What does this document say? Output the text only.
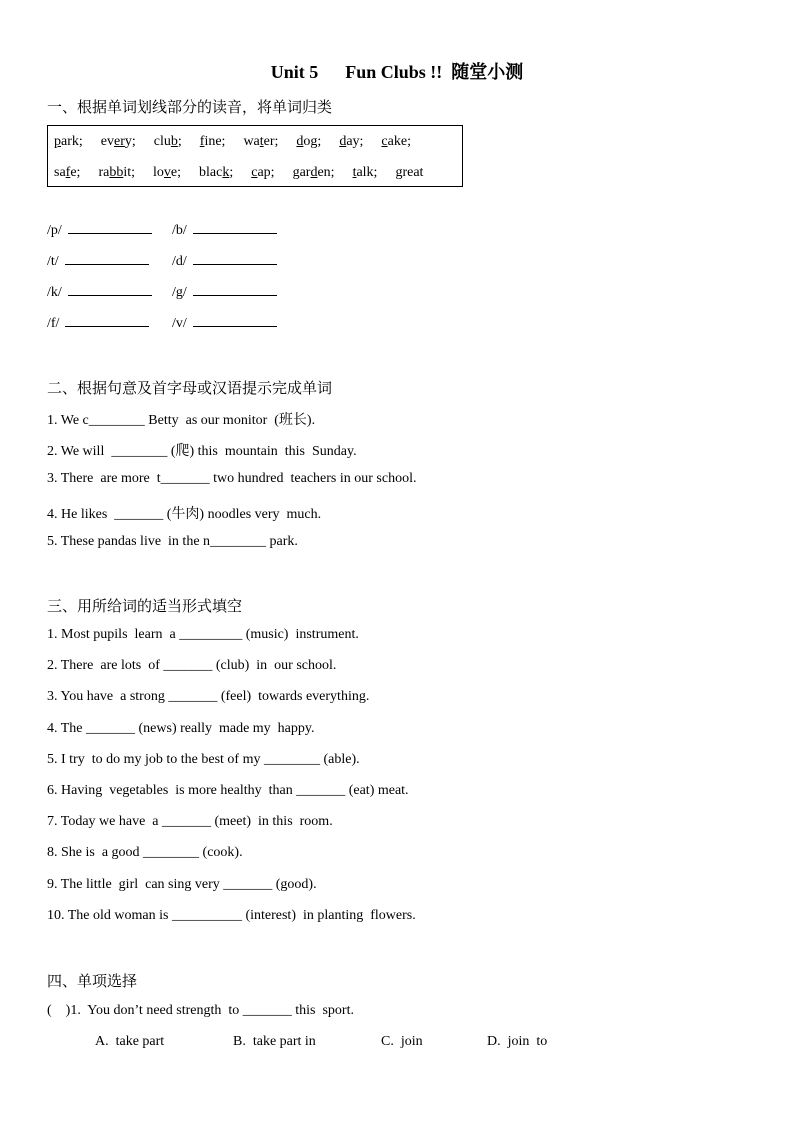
Unit 5      Fun Clubs !!  随堂小测
一、根据单词划线部分的读音，将单词归类
park; every; club; fine; water; dog; day; cake;
safe; rabbit; love; black; cap; garden; talk; great
/p/	/b/
/t/	/d/
/k/	/g/
/f/	/v/
二、根据句意及首字母或汉语提示完成单词
1. We c________ Betty  as our monitor  (班长).
2. We will  ________ (爬) this  mountain  this  Sunday.
3. There  are more  t_______ two hundred  teachers in our school.
4. He likes  _______ (牛肉) noodles very  much.
5. These pandas live  in the n________ park.
三、用所给词的适当形式填空
1. Most pupils  learn  a _________ (music)  instrument.
2. There  are lots  of _______ (club)  in  our school.
3. You have  a strong _______ (feel)  towards everything.
4. The _______ (news) really  made my  happy.
5. I try  to do my job to the best of my ________ (able).
6. Having  vegetables  is more healthy  than _______ (eat) meat.
7. Today we have  a _______ (meet)  in this  room.
8. She is  a good ________ (cook).
9. The little  girl  can sing very _______ (good).
10. The old woman is __________ (interest)  in planting  flowers.
四、单项选择
(    )1.  You don’t need strength  to _______ this  sport.
A.  take part	B.  take part in	C.  join	D.  join  to
